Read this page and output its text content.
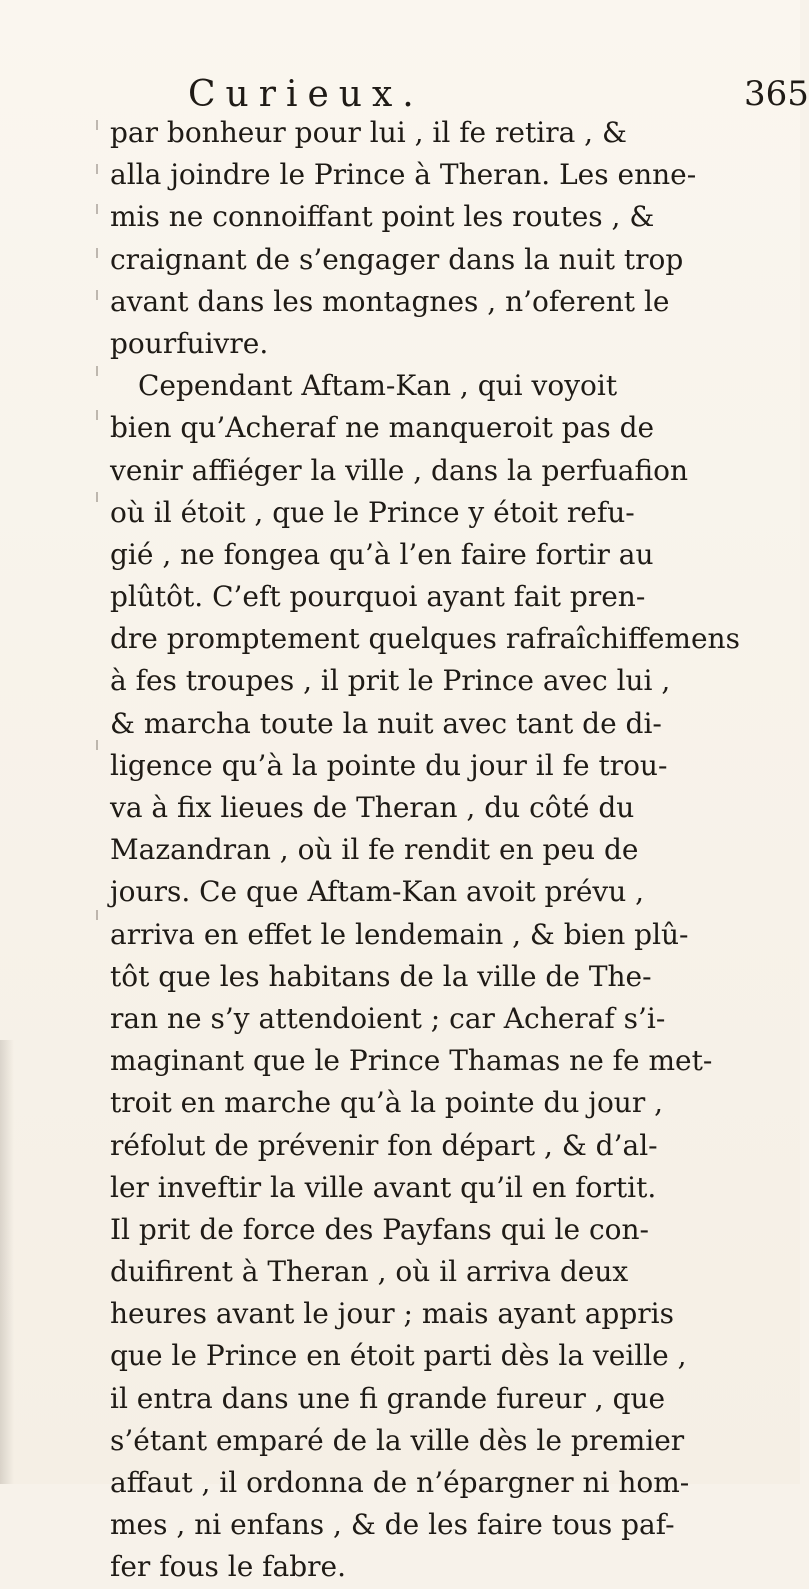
Curieux.	365
par bonheur pour lui , il fe retira , &
alla joindre le Prince à Theran. Les enne-
mis ne connoiffant point les routes , &
craignant de s’engager dans la nuit trop
avant dans les montagnes , n’oferent le
pourfuivre.
Cependant Aftam-Kan , qui voyoit
bien qu’Acheraf ne manqueroit pas de
venir affiéger la ville , dans la perfuafion
où il étoit , que le Prince y étoit refu-
gié , ne fongea qu’à l’en faire fortir au
plûtôt. C’eft pourquoi ayant fait pren-
dre promptement quelques rafraîchiffemens
à fes troupes , il prit le Prince avec lui ,
& marcha toute la nuit avec tant de di-
ligence qu’à la pointe du jour il fe trou-
va à fix lieues de Theran , du côté du
Mazandran , où il fe rendit en peu de
jours. Ce que Aftam-Kan avoit prévu ,
arriva en effet le lendemain , & bien plû-
tôt que les habitans de la ville de The-
ran ne s’y attendoient ; car Acheraf s’i-
maginant que le Prince Thamas ne fe met-
troit en marche qu’à la pointe du jour ,
réfolut de prévenir fon départ , & d’al-
ler inveftir la ville avant qu’il en fortit.
Il prit de force des Payfans qui le con-
duifirent à Theran , où il arriva deux
heures avant le jour ; mais ayant appris
que le Prince en étoit parti dès la veille ,
il entra dans une fi grande fureur , que
s’étant emparé de la ville dès le premier
affaut , il ordonna de n’épargner ni hom-
mes , ni enfans , & de les faire tous paf-
fer fous le fabre.
